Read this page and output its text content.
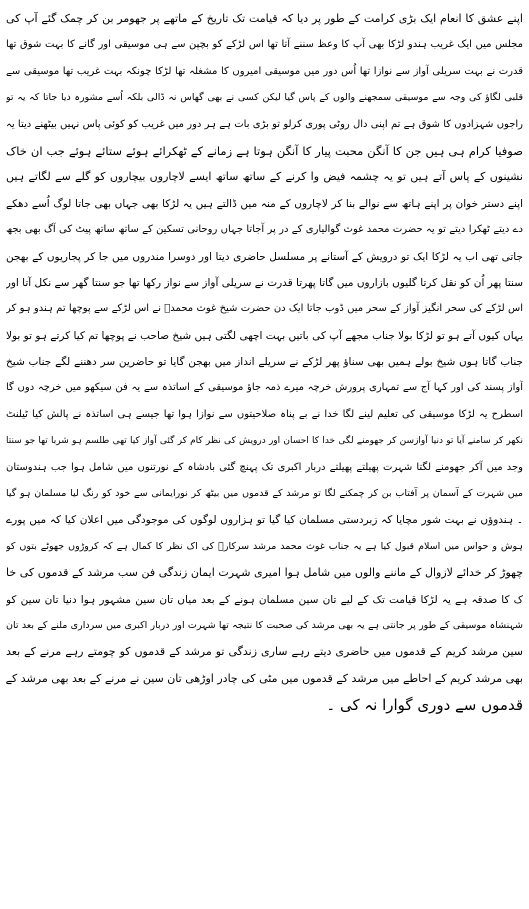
اپنے عشق کا انعام ایک بڑی کرامت کے طور پر دیا کہ قیامت تک تاریخ کے ماتھے پر جھومر بن کر چمک گئے آپ کی
مجلس میں ایک غریب ہندو لڑکا بھی آپ کا وعظ سننے آتا تھا اس لڑکے کو بچپن سے ہی موسیقی اور گانے کا بہت شوق تھا
قدرت نے بہت سریلی آواز سے نوازا تھا اُس دور میں موسیقی امیروں کا مشغلہ تھا لڑکا چونکہ بہت غریب تھا موسیقی سے
قلبی لگاؤ کی وجہ سے موسیقی سمجھنے والوں کے پاس گیا لیکن کسی نے بھی گھاس نہ ڈالی بلکہ اُسے مشورہ دیا جاتا کہ یہ تو
راجوں شہزادوں کا شوق ہے تم اپنی دال روٹی پوری کرلو تو بڑی بات ہے ہر دور میں غریب کو کوئی پاس نہیں بیٹھنے دیتا یہ
صوفیا کرام ہی ہیں جن کا آنگن محبت پیار کا آنگن ہوتا ہے زمانے کے ٹھکرائے ہوئے ستائے ہوئے جب ان خاک
نشینوں کے پاس آتے ہیں تو یہ چشمہ فیض وا کرنے کے ساتھ ساتھ ایسے لاچاروں بیچاروں کو گلے سے لگاتے ہیں
اپنے دستر خوان پر اپنے ہاتھ سے نوالے بنا کر لاچاروں کے منہ میں ڈالتے ہیں یہ لڑکا بھی جہاں بھی جاتا لوگ اُسے دھکے
دے دیتے ٹھکرا دیتے تو یہ حضرت محمد غوث گوالیاری کے در پر آجاتا جہاں روحانی تسکین کے ساتھ ساتھ پیٹ کی آگ بھی بجھ
جاتی تھی اب یہ لڑکا ایک تو درویش کے آستانے پر مسلسل حاضری دیتا اور دوسرا مندروں میں جا کر پجاریوں کے بھجن
سنتا پھر اُن کو نقل کرتا گلیوں بازاروں میں گاتا پھرتا قدرت نے سریلی آواز سے نواز رکھا تھا جو سنتا گھر سے نکل آتا اور
اس لڑکے کی سحر انگیز آواز کے سحر میں ڈوب جاتا ایک دن حضرت شیخ غوث محمدؒ نے اس لڑکے سے پوچھا تم ہندو ہو کر
یہاں کیوں آتے ہو تو لڑکا بولا جناب مجھے آپ کی باتیں بہت اچھی لگتی ہیں شیخ صاحب نے پوچھا تم کیا کرتے ہو تو بولا
جناب گاتا ہوں شیخ بولے ہمیں بھی سناؤ پھر لڑکے نے سریلے انداز میں بھجن گایا تو حاضرین سر دھننے لگے جناب شیخ
آواز پسند کی اور کہا آج سے تمہاری پرورش خرچہ میرے ذمہ جاؤ موسیقی کے اساتذہ سے یہ فن سیکھو میں خرچہ دوں گا
اسطرح یہ لڑکا موسیقی کی تعلیم لینے لگا خدا نے بے پناہ صلاحیتوں سے نوازا ہوا تھا جیسے ہی اساتذہ نے پالش کیا ٹیلنٹ
نکھر کر سامنے آیا تو دنیا آوازسن کر جھومنے لگی خدا کا احسان اور درویش کی نظر کام کر گئی آواز کیا تھی طلسم ہو شربا تھا جو سنتا
وجد میں آکر جھومنے لگتا شہرت پھیلتے پھیلتے دربار اکبری تک پہنچ گئی بادشاہ کے نورتنوں میں شامل ہوا جب ہندوستان
میں شہرت کے آسمان پر آفتاب بن کر چمکنے لگا تو مرشد کے قدموں میں بیٹھ کر نورایمانی سے خود کو رنگ لیا مسلمان ہو گیا
۔ ہندوؤں نے بہت شور مچایا کہ زبردستی مسلمان کیا گیا تو ہزاروں لوگوں کی موجودگی میں اعلان کیا کہ میں پورے
ہوش و حواس میں اسلام قبول کیا ہے یہ جناب غوث محمد مرشد سرکارؒ کی اک نظر کا کمال ہے کہ کروڑوں جھوٹے بتوں کو
چھوڑ کر خدائے لازوال کے ماننے والوں میں شامل ہوا امیری شہرت ایمان زندگی فن سب مرشد کے قدموں کی خا
ک کا صدقہ ہے یہ لڑکا قیامت تک کے لیے تان سین مسلمان ہونے کے بعد میاں تان سین مشہور ہوا دنیا تان سین کو
شہنشاہ موسیقی کے طور پر جانتی ہے یہ بھی مرشد کی صحبت کا نتیجہ تھا شہرت اور دربار اکبری میں سرداری ملنے کے بعد تان
سین مرشد کریم کے قدموں میں حاضری دیتے رہے ساری زندگی تو مرشد کے قدموں کو چومتے رہے مرنے کے بعد
بھی مرشد کریم کے احاطے میں مرشد کے قدموں میں مٹی کی چادر اوڑھی تان سین نے مرنے کے بعد بھی مرشد کے
قدموں سے دوری گوارا نہ کی ۔
